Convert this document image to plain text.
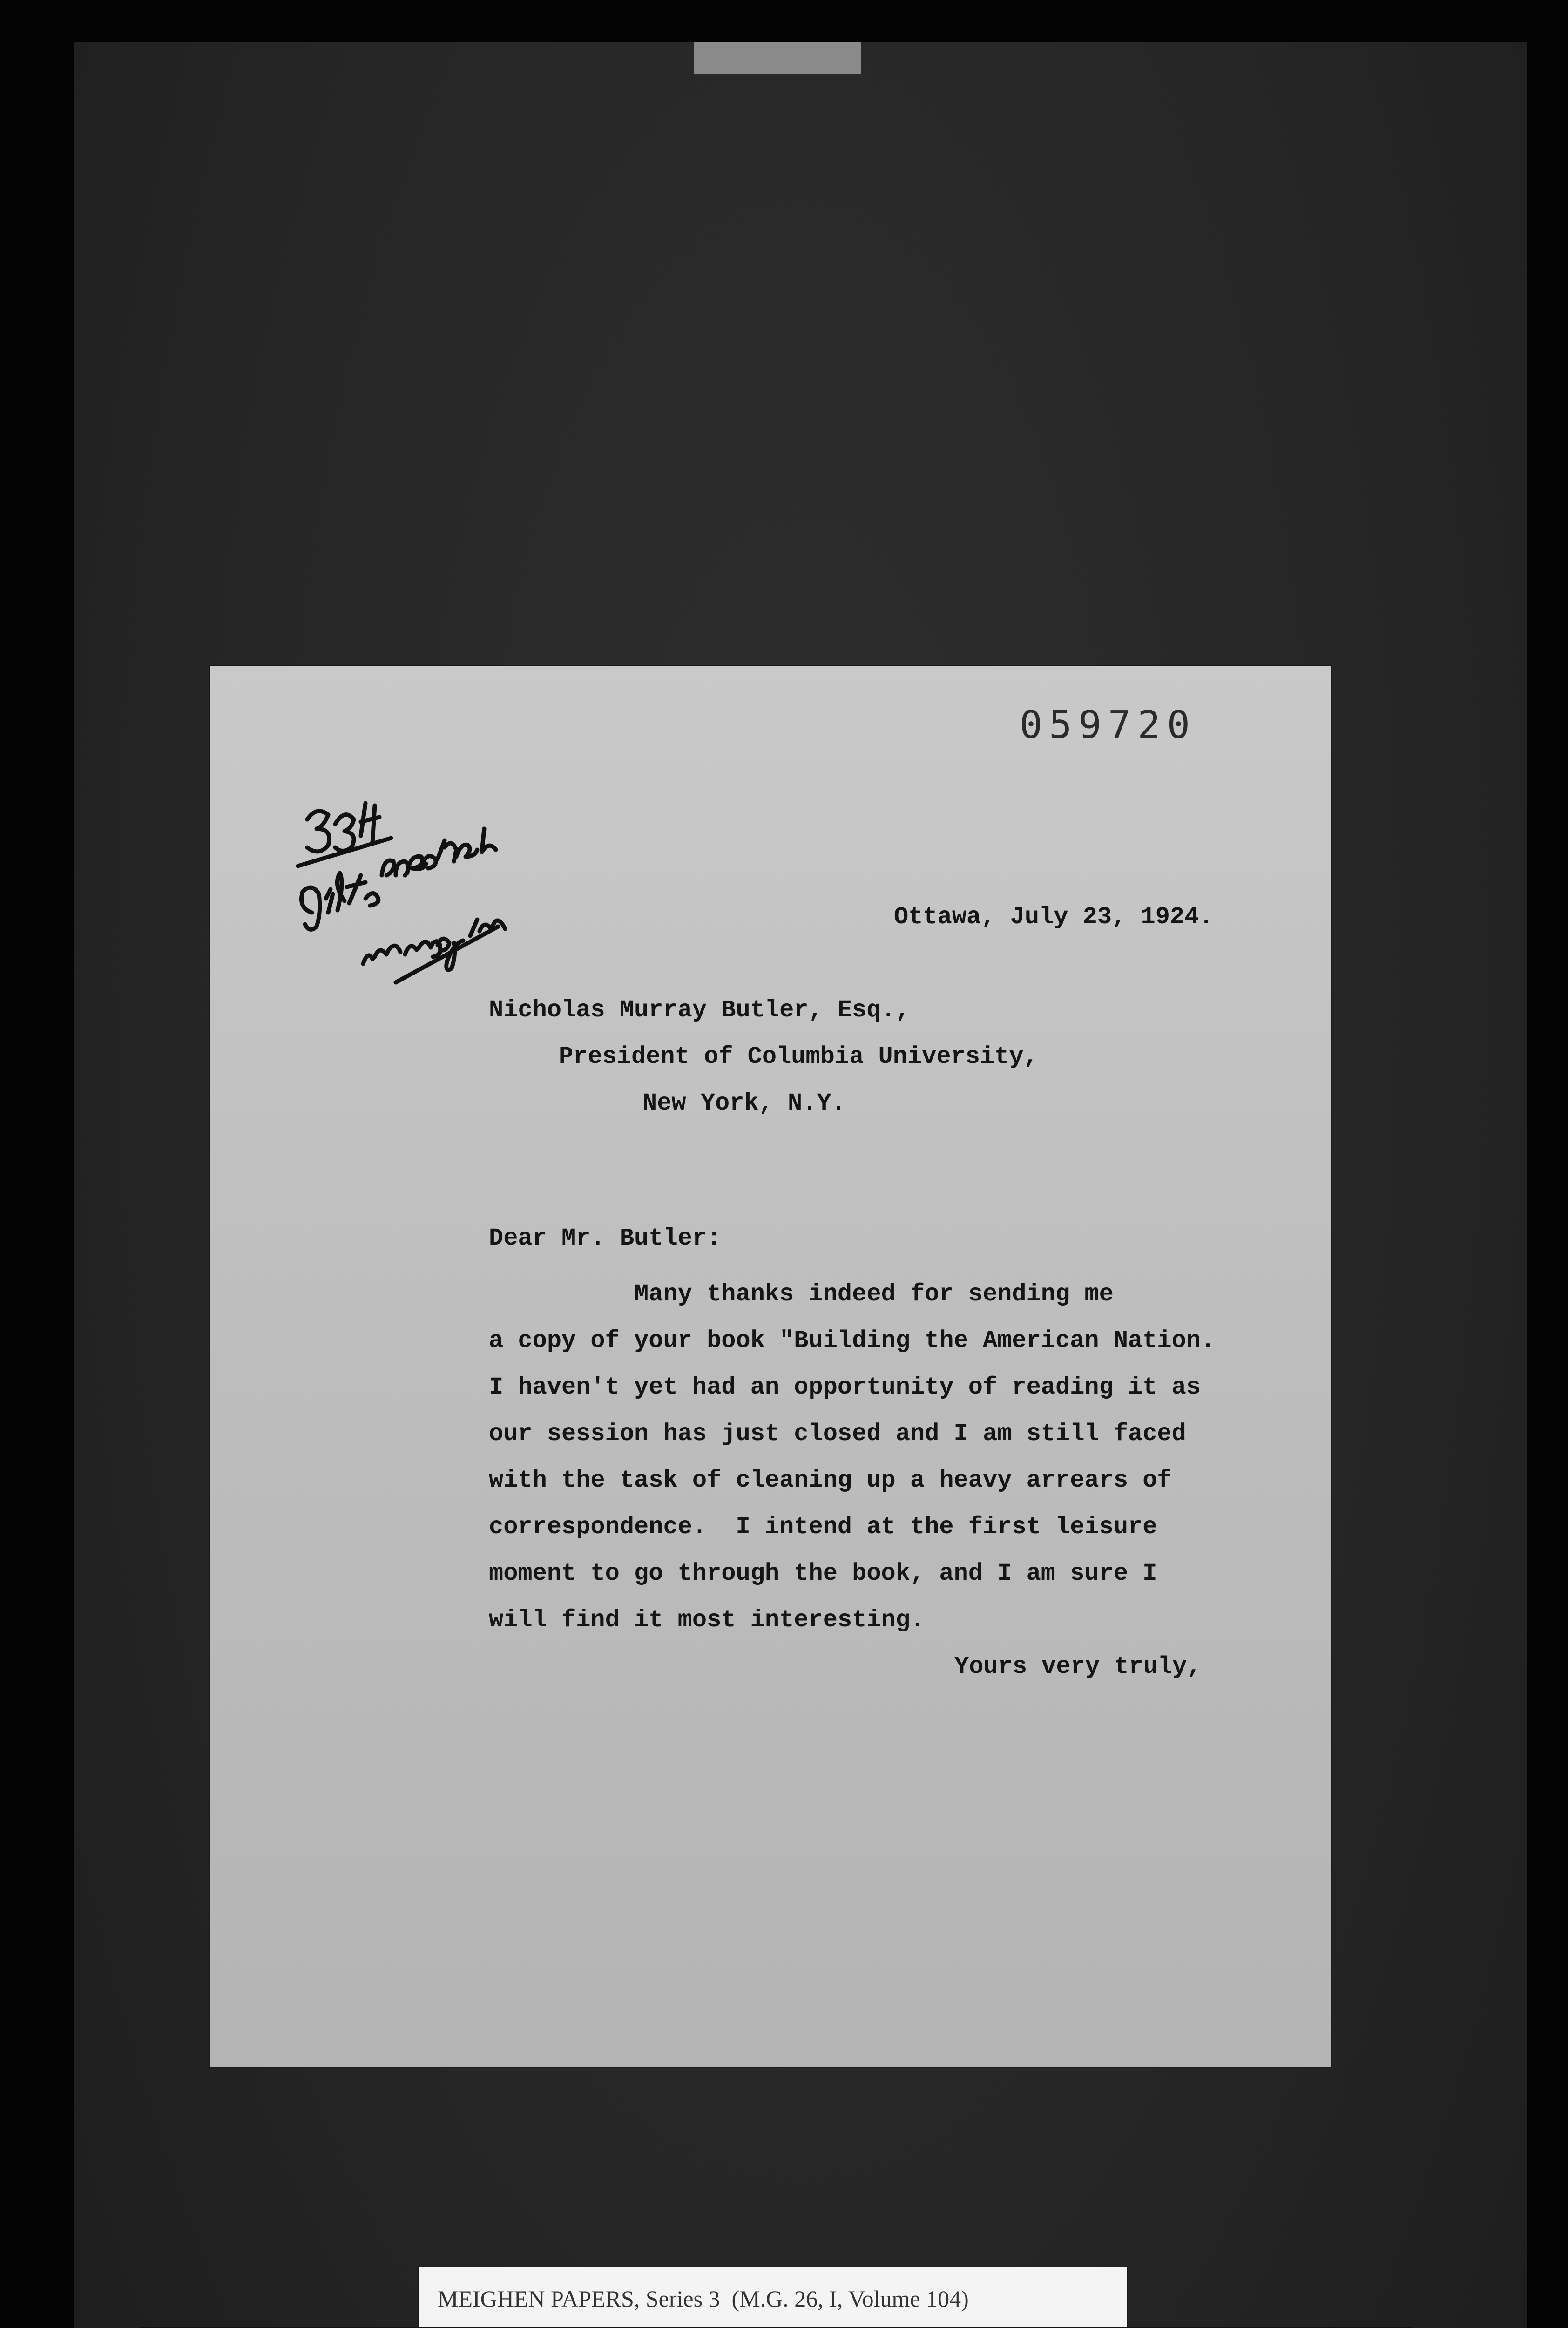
059720
Ottawa, July 23, 1924.
Nicholas Murray Butler, Esq.,
President of Columbia University,
New York, N.Y.
Dear Mr. Butler:
Many thanks indeed for sending me
a copy of your book "Building the American Nation.
I haven't yet had an opportunity of reading it as
our session has just closed and I am still faced
with the task of cleaning up a heavy arrears of
correspondence.  I intend at the first leisure
moment to go through the book, and I am sure I
will find it most interesting.
Yours very truly,
MEIGHEN PAPERS, Series 3  (M.G. 26, I, Volume 104)
